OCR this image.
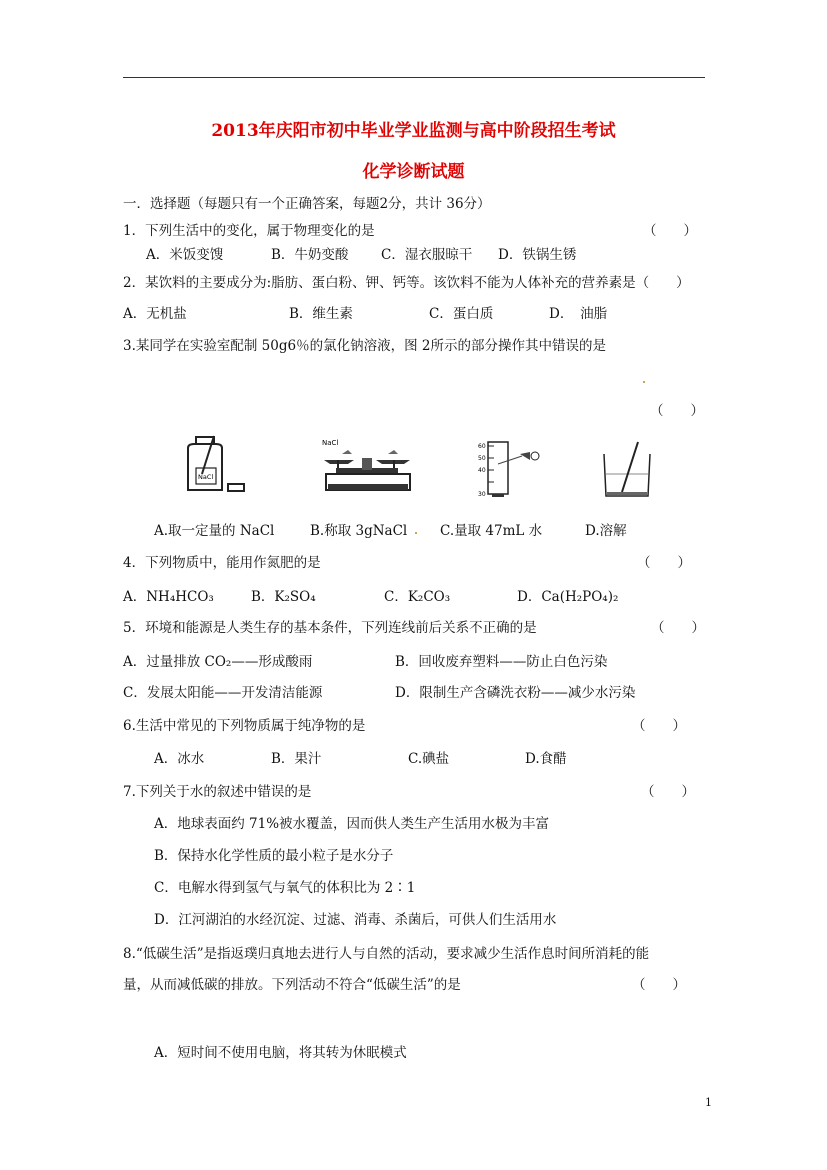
2013年庆阳市初中毕业学业监测与高中阶段招生考试
化学诊断试题
一．选择题（每题只有一个正确答案，每题2分，共计 36分）
1．下列生活中的变化，属于物理变化的是	（　　）
A．米饭变馊	B．牛奶变酸 C．湿衣服晾干 D．铁锅生锈
2．某饮料的主要成分为:脂肪、蛋白粉、钾、钙等。该饮料不能为人体补充的营养素是（　　）
A．无机盐	B．维生素	C．蛋白质	D．　油脂
3.某同学在实验室配制 50g6％的氯化钠溶液，图 2所示的部分操作其中错误的是
（　　）
NaCl
NaCl	60
50
40
30
A.取一定量的 NaCl	B.称取 3gNaCl C.量取 47mL 水	D.溶解
4．下列物质中，能用作氮肥的是	（　　）
A．NH₄HCO₃	B．K₂SO₄	C．K₂CO₃	D．Ca(H₂PO₄)₂
5．环境和能源是人类生存的基本条件，下列连线前后关系不正确的是	（　　）
A．过量排放 CO₂——形成酸雨	B．回收废弃塑料——防止白色污染
C．发展太阳能——开发清洁能源	D．限制生产含磷洗衣粉——减少水污染
6.生活中常见的下列物质属于纯净物的是	（　　）
A．冰水	B．果汁	C.碘盐	D.食醋
7.下列关于水的叙述中错误的是	（　　）
A．地球表面约 71%被水覆盖，因而供人类生产生活用水极为丰富
B．保持水化学性质的最小粒子是水分子
C．电解水得到氢气与氧气的体积比为 2∶1
D．江河湖泊的水经沉淀、过滤、消毒、杀菌后，可供人们生活用水
8.“低碳生活”是指返璞归真地去进行人与自然的活动，要求减少生活作息时间所消耗的能
量，从而减低碳的排放。下列活动不符合“低碳生活”的是	（　　）
A．短时间不使用电脑，将其转为休眠模式
1
